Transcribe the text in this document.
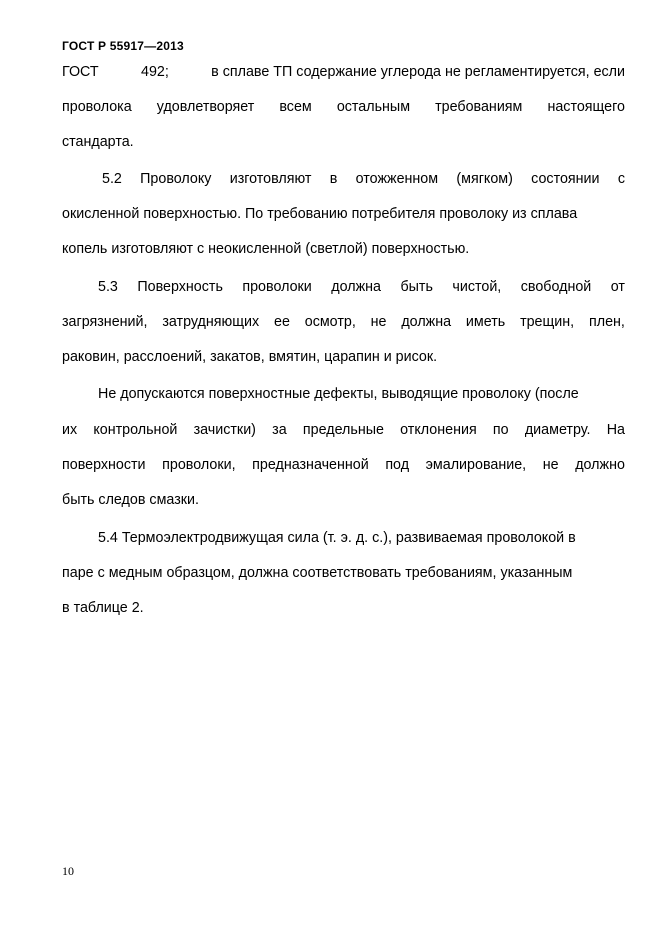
ГОСТ Р 55917—2013
ГОСТ	492;	в сплаве ТП содержание углерода не регламентируется, если
проволока удовлетворяет всем остальным требованиям настоящего
стандарта.
5.2 Проволоку изготовляют в отожженном (мягком) состоянии с
окисленной поверхностью. По требованию потребителя проволоку из сплава
копель изготовляют с неокисленной (светлой) поверхностью.
5.3 Поверхность проволоки должна быть чистой, свободной от
загрязнений, затрудняющих ее осмотр, не должна иметь трещин, плен,
раковин, расслоений, закатов, вмятин, царапин и рисок.
Не допускаются поверхностные дефекты, выводящие проволоку (после
их контрольной зачистки) за предельные отклонения по диаметру. На
поверхности проволоки, предназначенной под эмалирование, не должно
быть следов смазки.
5.4 Термоэлектродвижущая сила (т. э. д. с.), развиваемая проволокой в
паре с медным образцом, должна соответствовать требованиям, указанным
в таблице 2.
10
